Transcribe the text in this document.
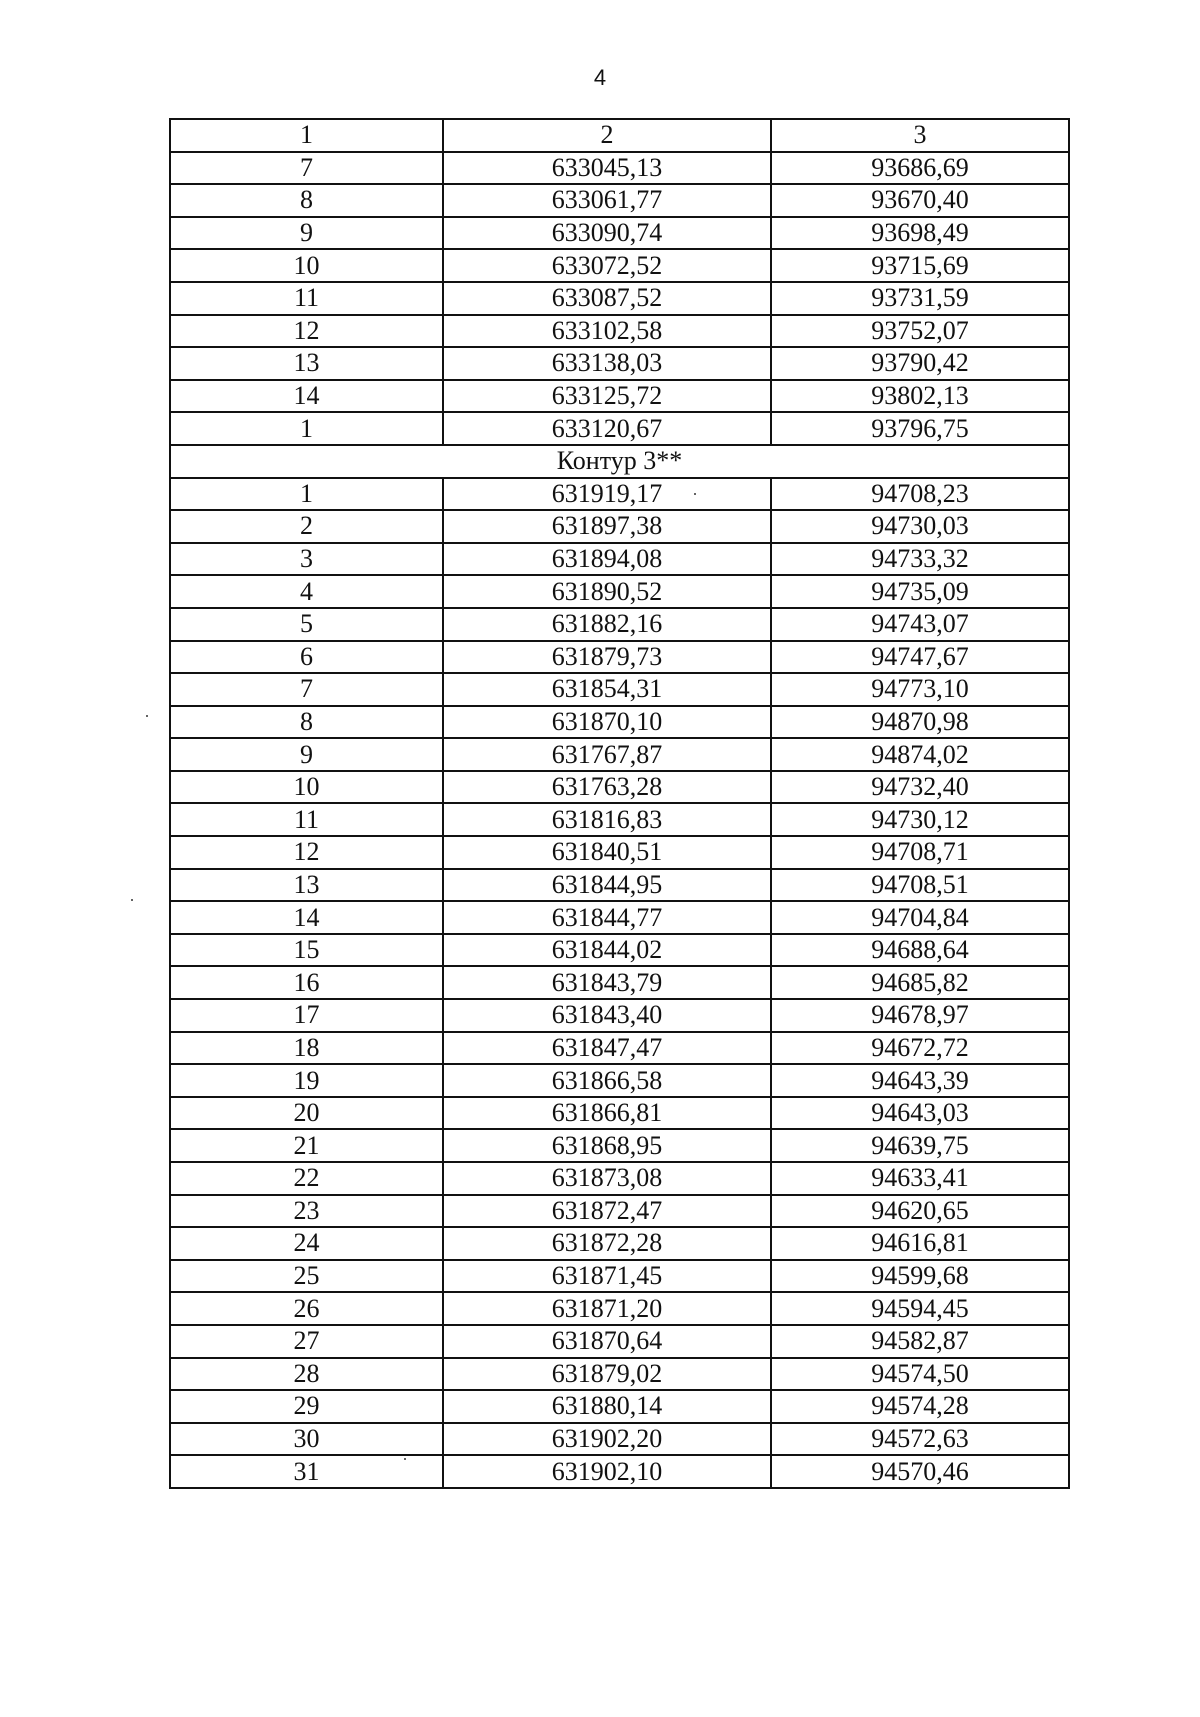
4
1	2	3
7	633045,13	93686,69
8	633061,77	93670,40
9	633090,74	93698,49
10	633072,52	93715,69
11	633087,52	93731,59
12	633102,58	93752,07
13	633138,03	93790,42
14	633125,72	93802,13
1	633120,67	93796,75
Контур 3**		
1	631919,17	94708,23
2	631897,38	94730,03
3	631894,08	94733,32
4	631890,52	94735,09
5	631882,16	94743,07
6	631879,73	94747,67
7	631854,31	94773,10
8	631870,10	94870,98
9	631767,87	94874,02
10	631763,28	94732,40
11	631816,83	94730,12
12	631840,51	94708,71
13	631844,95	94708,51
14	631844,77	94704,84
15	631844,02	94688,64
16	631843,79	94685,82
17	631843,40	94678,97
18	631847,47	94672,72
19	631866,58	94643,39
20	631866,81	94643,03
21	631868,95	94639,75
22	631873,08	94633,41
23	631872,47	94620,65
24	631872,28	94616,81
25	631871,45	94599,68
26	631871,20	94594,45
27	631870,64	94582,87
28	631879,02	94574,50
29	631880,14	94574,28
30	631902,20	94572,63
31	631902,10	94570,46
